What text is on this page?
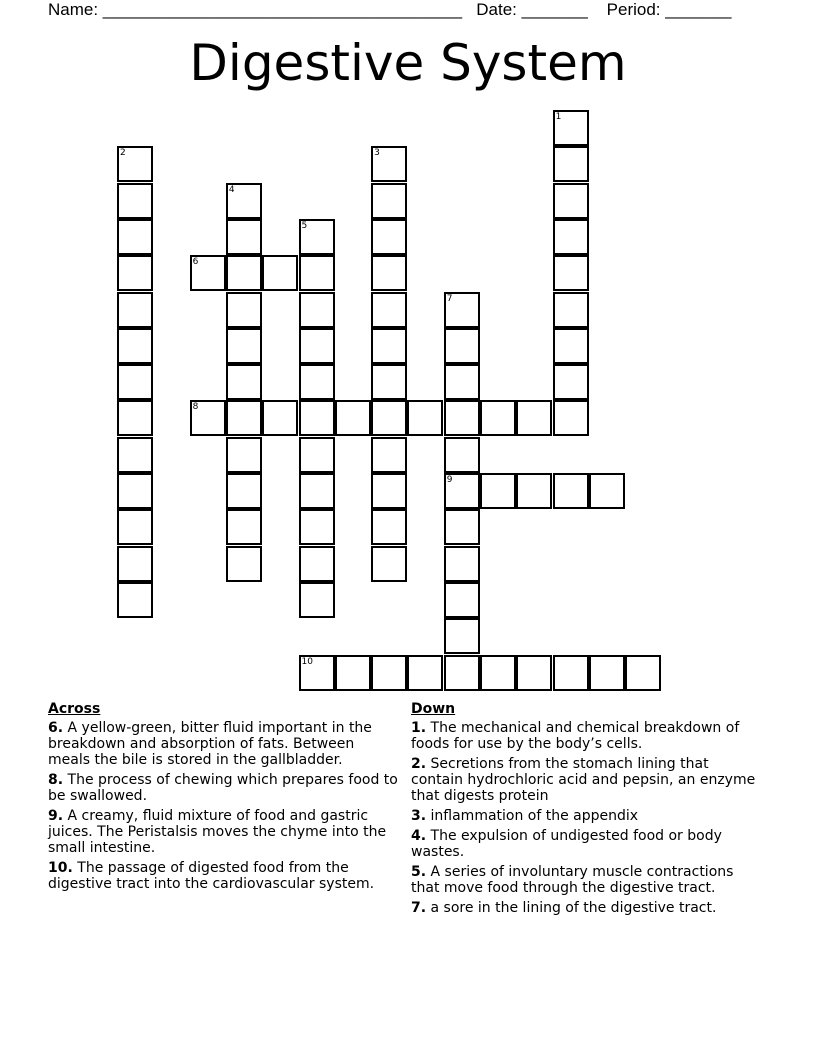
Name: ______________________________________   Date: _______    Period: _______
Digestive System
1
2	3
4
5
6
7
9
8
10
Across
6. A yellow-green, bitter fluid important in the breakdown and absorption of fats. Between meals the bile is stored in the gallbladder.
8. The process of chewing which prepares food to be swallowed.
9. A creamy, fluid mixture of food and gastric juices. The Peristalsis moves the chyme into the small intestine.
10. The passage of digested food from the digestive tract into the cardiovascular system.
Down
1. The mechanical and chemical breakdown of foods for use by the body’s cells.
2. Secretions from the stomach lining that contain hydrochloric acid and pepsin, an enzyme that digests protein
3. inflammation of the appendix
4. The expulsion of undigested food or body wastes.
5. A series of involuntary muscle contractions that move food through the digestive tract.
7. a sore in the lining of the digestive tract.
